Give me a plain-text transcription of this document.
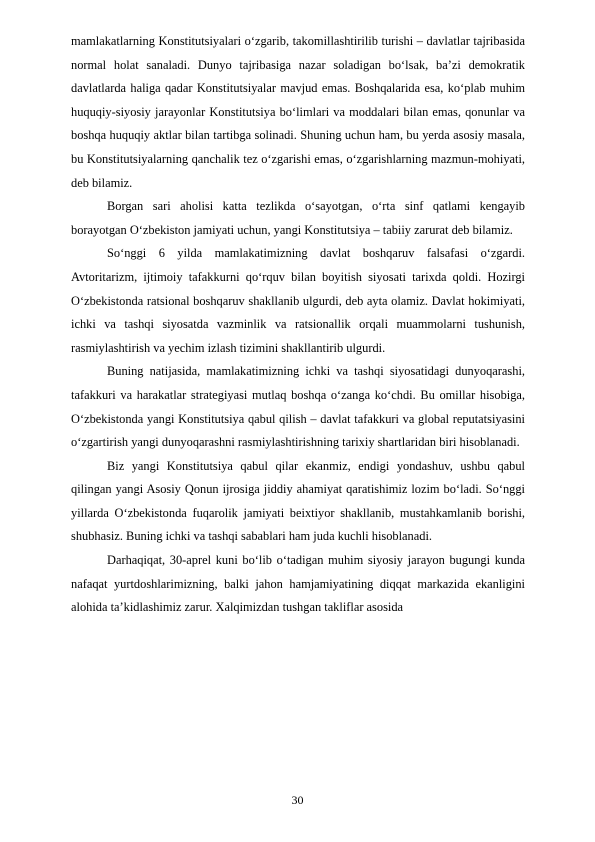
mamlakatlarning Konstitutsiyalari o‘zgarib, takomillashtirilib turishi – davlatlar tajribasida normal holat sanaladi. Dunyo tajribasiga nazar soladigan bo‘lsak, ba’zi demokratik davlatlarda haliga qadar Konstitutsiyalar mavjud emas. Boshqalarida esa, ko‘plab muhim huquqiy-siyosiy jarayonlar Konstitutsiya bo‘limlari va moddalari bilan emas, qonunlar va boshqa huquqiy aktlar bilan tartibga solinadi. Shuning uchun ham, bu yerda asosiy masala, bu Konstitutsiyalarning qanchalik tez o‘zgarishi emas, o‘zgarishlarning mazmun-mohiyati, deb bilamiz.

Borgan sari aholisi katta tezlikda o‘sayotgan, o‘rta sinf qatlami kengayib borayotgan O‘zbekiston jamiyati uchun, yangi Konstitutsiya – tabiiy zarurat deb bilamiz.

So‘nggi 6 yilda mamlakatimizning davlat boshqaruv falsafasi o‘zgardi. Avtoritarizm, ijtimoiy tafakkurni qo‘rquv bilan boyitish siyosati tarixda qoldi. Hozirgi O‘zbekistonda ratsional boshqaruv shakllanib ulgurdi, deb ayta olamiz. Davlat hokimiyati, ichki va tashqi siyosatda vazminlik va ratsionallik orqali muammolarni tushunish, rasmiylashtirish va yechim izlash tizimini shakllantirib ulgurdi.

Buning natijasida, mamlakatimizning ichki va tashqi siyosatidagi dunyoqarashi, tafakkuri va harakatlar strategiyasi mutlaq boshqa o‘zanga ko‘chdi. Bu omillar hisobiga, O‘zbekistonda yangi Konstitutsiya qabul qilish – davlat tafakkuri va global reputatsiyasini o‘zgartirish yangi dunyoqarashni rasmiylashtirishning tarixiy shartlaridan biri hisoblanadi.

Biz yangi Konstitutsiya qabul qilar ekanmiz, endigi yondashuv, ushbu qabul qilingan yangi Asosiy Qonun ijrosiga jiddiy ahamiyat qaratishimiz lozim bo‘ladi. So‘nggi yillarda O‘zbekistonda fuqarolik jamiyati beixtiyor shakllanib, mustahkamlanib borishi, shubhasiz. Buning ichki va tashqi sabablari ham juda kuchli hisoblanadi.

Darhaqiqat, 30-aprel kuni bo‘lib o‘tadigan muhim siyosiy jarayon bugungi kunda nafaqat yurtdoshlarimizning, balki jahon hamjamiyatining diqqat markazida ekanligini alohida ta’kidlashimiz zarur. Xalqimizdan tushgan takliflar asosida

30
